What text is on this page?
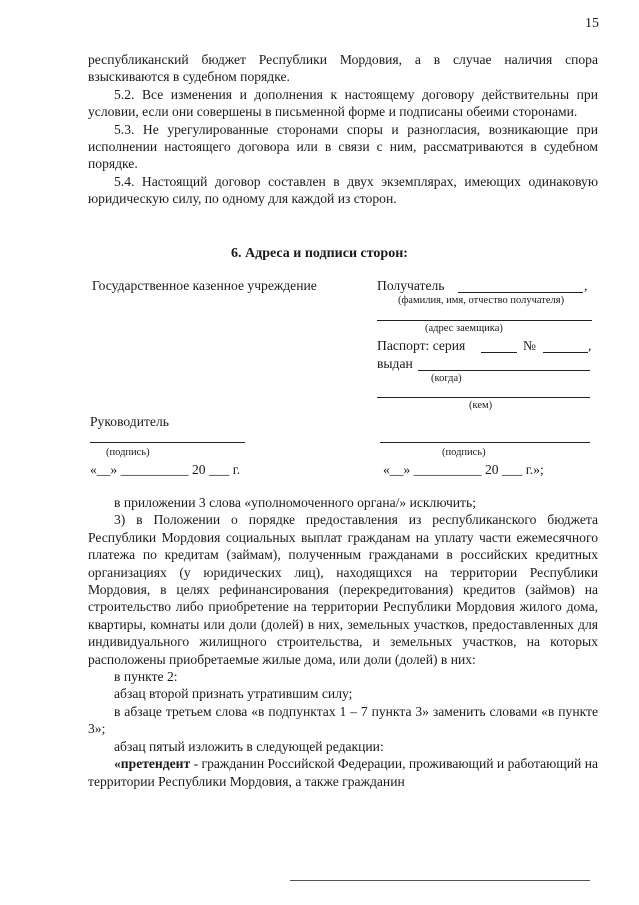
15

республиканский бюджет Республики Мордовия, а в случае наличия спора взыскиваются в судебном порядке.

5.2. Все изменения и дополнения к настоящему договору действительны при условии, если они совершены в письменной форме и подписаны обеими сторонами.

5.3. Не урегулированные сторонами споры и разногласия, возникающие при исполнении настоящего договора или в связи с ним, рассматриваются в судебном порядке.

5.4. Настоящий договор составлен в двух экземплярах, имеющих одинаковую юридическую силу, по одному для каждой из сторон.

6. Адреса и подписи сторон:
Государственное казенное учреждение
Руководитель
(подпись)
«__» __________ 20 ___ г.
Получатель	,
(фамилия, имя, отчество получателя)
(адрес заемщика)
Паспорт: серия	№	,
выдан
(когда)
(кем)
(подпись)
«__» __________ 20 ___ г.»;

в приложении 3 слова «уполномоченного органа/» исключить;

3) в Положении о порядке предоставления из республиканского бюджета Республики Мордовия социальных выплат гражданам на уплату части ежемесячного платежа по кредитам (займам), полученным гражданами в российских кредитных организациях (у юридических лиц), находящихся на территории Республики Мордовия, в целях рефинансирования (перекредитования) кредитов (займов) на строительство либо приобретение на территории Республики Мордовия жилого дома, квартиры, комнаты или доли (долей) в них, земельных участков, предоставленных для индивидуального жилищного строительства, и земельных участков, на которых расположены приобретаемые жилые дома, или доли (долей) в них:

в пункте 2:

абзац второй признать утратившим силу;

в абзаце третьем слова «в подпунктах 1 – 7 пункта 3» заменить словами «в пункте 3»;

абзац пятый изложить в следующей редакции:

«претендент - гражданин Российской Федерации, проживающий и работающий на территории Республики Мордовия, а также гражданин
